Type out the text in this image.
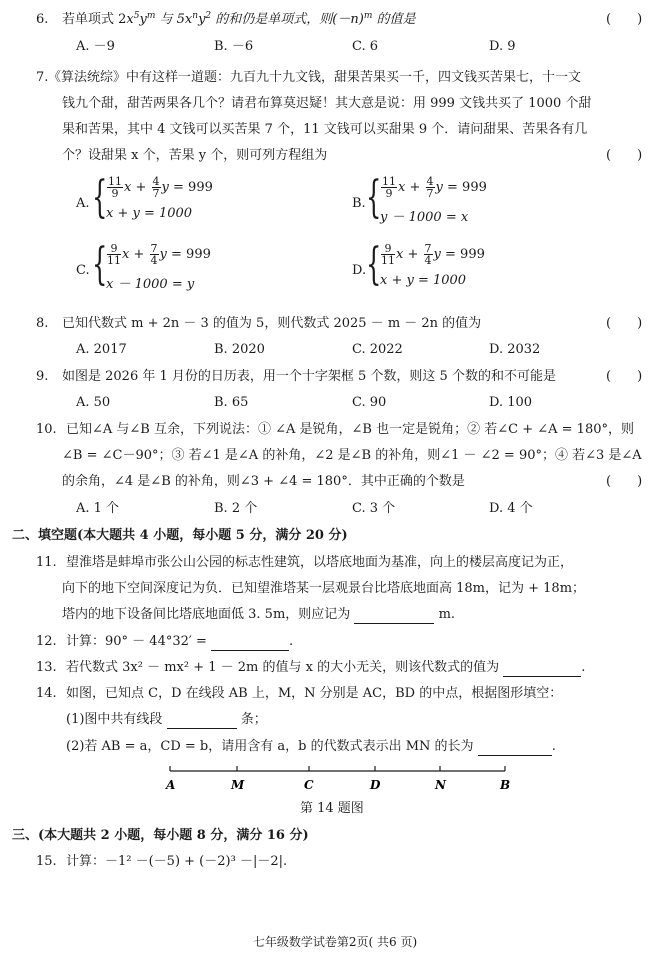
6. 若单项式 $2x^5y^m$ 与 $5x^ny^2$ 的和仍是单项式，则$(-n)^m$ 的值是	(　　)
A. －9	B. －6	C. 6	D. 9
7. 《算法统综》中有这样一道题：九百九十九文钱，甜果苦果买一千，四文钱买苦果七，十一文
钱九个甜，甜苦两果各几个？请君布算莫迟疑！其大意是说：用 999 文钱共买了 1000 个甜
果和苦果，其中 4 文钱可以买苦果 7 个，11 文钱可以买甜果 9 个．请问甜果、苦果各有几
个？设甜果 x 个，苦果 y 个，则可列方程组为	(　　)
A. { $\frac{11}{9}$ $x + \frac{4}{7}$ y = 999
x + y = 1000
B. { $\frac{11}{9}$ $x + \frac{4}{7}$ y = 999
y － 1000 = x
C. { $\frac{9}{11}$ $x + \frac{7}{4}$ y = 999
x － 1000 = y
D. { $\frac{9}{11}$ $x + \frac{7}{4}$ y = 999
x + y = 1000
8. 已知代数式 m + 2n － 3 的值为 5，则代数式 2025 － m － 2n 的值为	(　　)
A. 2017	B. 2020	C. 2022	D. 2032
9. 如图是 2026 年 1 月份的日历表，用一个十字架框 5 个数，则这 5 个数的和不可能是	(　　)
A. 50	B. 65	C. 90	D. 100
10. 已知∠A 与∠B 互余，下列说法：① ∠A 是锐角，∠B 也一定是锐角；② 若∠C + ∠A = 180°，则
∠B = ∠C－90°；③ 若∠1 是∠A 的补角，∠2 是∠B 的补角，则∠1 － ∠2 = 90°；④ 若∠3 是∠A
的余角，∠4 是∠B 的补角，则∠3 + ∠4 = 180°．其中正确的个数是	(　　)
A. 1 个	B. 2 个	C. 3 个	D. 4 个
二、填空题(本大题共 4 小题，每小题 5 分，满分 20 分)
11. 望淮塔是蚌埠市张公山公园的标志性建筑，以塔底地面为基准，向上的楼层高度记为正，
向下的地下空间深度记为负．已知望淮塔某一层观景台比塔底地面高 18m，记为 + 18m；
塔内的地下设备间比塔底地面低 3. 5m，则应记为	m.
12. 计算：90° － 44°32′ =	.
13. 若代数式 3x² － mx² + 1 － 2m 的值与 x 的大小无关，则该代数式的值为	.
14. 如图，已知点 C，D 在线段 AB 上，M，N 分别是 AC，BD 的中点，根据图形填空：
(1)图中共有线段	条；
(2)若 AB = a，CD = b，请用含有 a，b 的代数式表示出 MN 的长为	.
A	M	C	D	N	B
第 14 题图
三、(本大题共 2 小题，每小题 8 分，满分 16 分)
15. 计算：－1² －(－5) + (－2)³ －|－2|.
七年级数学试卷第2页( 共6 页)
